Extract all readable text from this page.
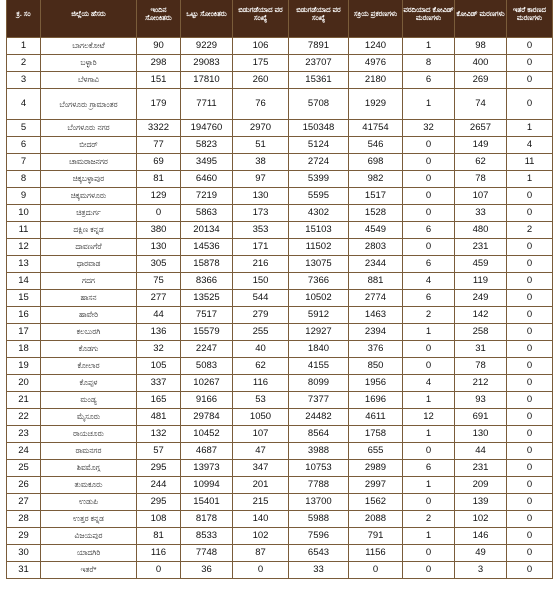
ಕ್ರ. ಸಂ	ಜಿಲ್ಲೆಯ ಹೆಸರು	ಇಂದಿನ ಸೋಂಕಿತರು	ಒಟ್ಟು ಸೋಂಕಿತರು	ಬಿಡುಗಡೆಯಾದ ವರ ಸಂಖ್ಯೆ	ಬಿಡುಗಡೆಯಾದ ವರ ಸಂಖ್ಯೆ	ಸಕ್ರಿಯ ಪ್ರಕರಣಗಳು	ವರದಿಯಾದ ಕೋವಿಡ್ ಮರಣಗಳು	ಕೋವಿಡ್ ಮರಣಗಳು	ಇತರೆ ಕಾರಣದ ಮರಣಗಳು
1	ಬಾಗಲಕೋಟೆ	90	9229	106	7891	1240	1	98	0
2	ಬಳ್ಳಾರಿ	298	29083	175	23707	4976	8	400	0
3	ಬೆಳಗಾವಿ	151	17810	260	15361	2180	6	269	0
4	ಬೆಂಗಳೂರು ಗ್ರಾಮಾಂತರ	179	7711	76	5708	1929	1	74	0
5	ಬೆಂಗಳೂರು ನಗರ	3322	194760	2970	150348	41754	32	2657	1
6	ಬೀದರ್	77	5823	51	5124	546	0	149	4
7	ಚಾಮರಾಜನಗರ	69	3495	38	2724	698	0	62	11
8	ಚಿಕ್ಕಬಳ್ಳಾಪುರ	81	6460	97	5399	982	0	78	1
9	ಚಿಕ್ಕಮಗಳೂರು	129	7219	130	5595	1517	0	107	0
10	ಚಿತ್ರದುರ್ಗ	0	5863	173	4302	1528	0	33	0
11	ದಕ್ಷಿಣ ಕನ್ನಡ	380	20134	353	15103	4549	6	480	2
12	ದಾವಣಗೆರೆ	130	14536	171	11502	2803	0	231	0
13	ಧಾರವಾಡ	305	15878	216	13075	2344	6	459	0
14	ಗದಗ	75	8366	150	7366	881	4	119	0
15	ಹಾಸನ	277	13525	544	10502	2774	6	249	0
16	ಹಾವೇರಿ	44	7517	279	5912	1463	2	142	0
17	ಕಲಬುರಗಿ	136	15579	255	12927	2394	1	258	0
18	ಕೊಡಗು	32	2247	40	1840	376	0	31	0
19	ಕೋಲಾರ	105	5083	62	4155	850	0	78	0
20	ಕೊಪ್ಪಳ	337	10267	116	8099	1956	4	212	0
21	ಮಂಡ್ಯ	165	9166	53	7377	1696	1	93	0
22	ಮೈಸೂರು	481	29784	1050	24482	4611	12	691	0
23	ರಾಯಚೂರು	132	10452	107	8564	1758	1	130	0
24	ರಾಮನಗರ	57	4687	47	3988	655	0	44	0
25	ಶಿವಮೊಗ್ಗ	295	13973	347	10753	2989	6	231	0
26	ತುಮಕೂರು	244	10994	201	7788	2997	1	209	0
27	ಉಡುಪಿ	295	15401	215	13700	1562	0	139	0
28	ಉತ್ತರ ಕನ್ನಡ	108	8178	140	5988	2088	2	102	0
29	ವಿಜಯಪುರ	81	8533	102	7596	791	1	146	0
30	ಯಾದಗಿರಿ	116	7748	87	6543	1156	0	49	0
31	ಇತರೆ*	0	36	0	33	0	0	3	0
